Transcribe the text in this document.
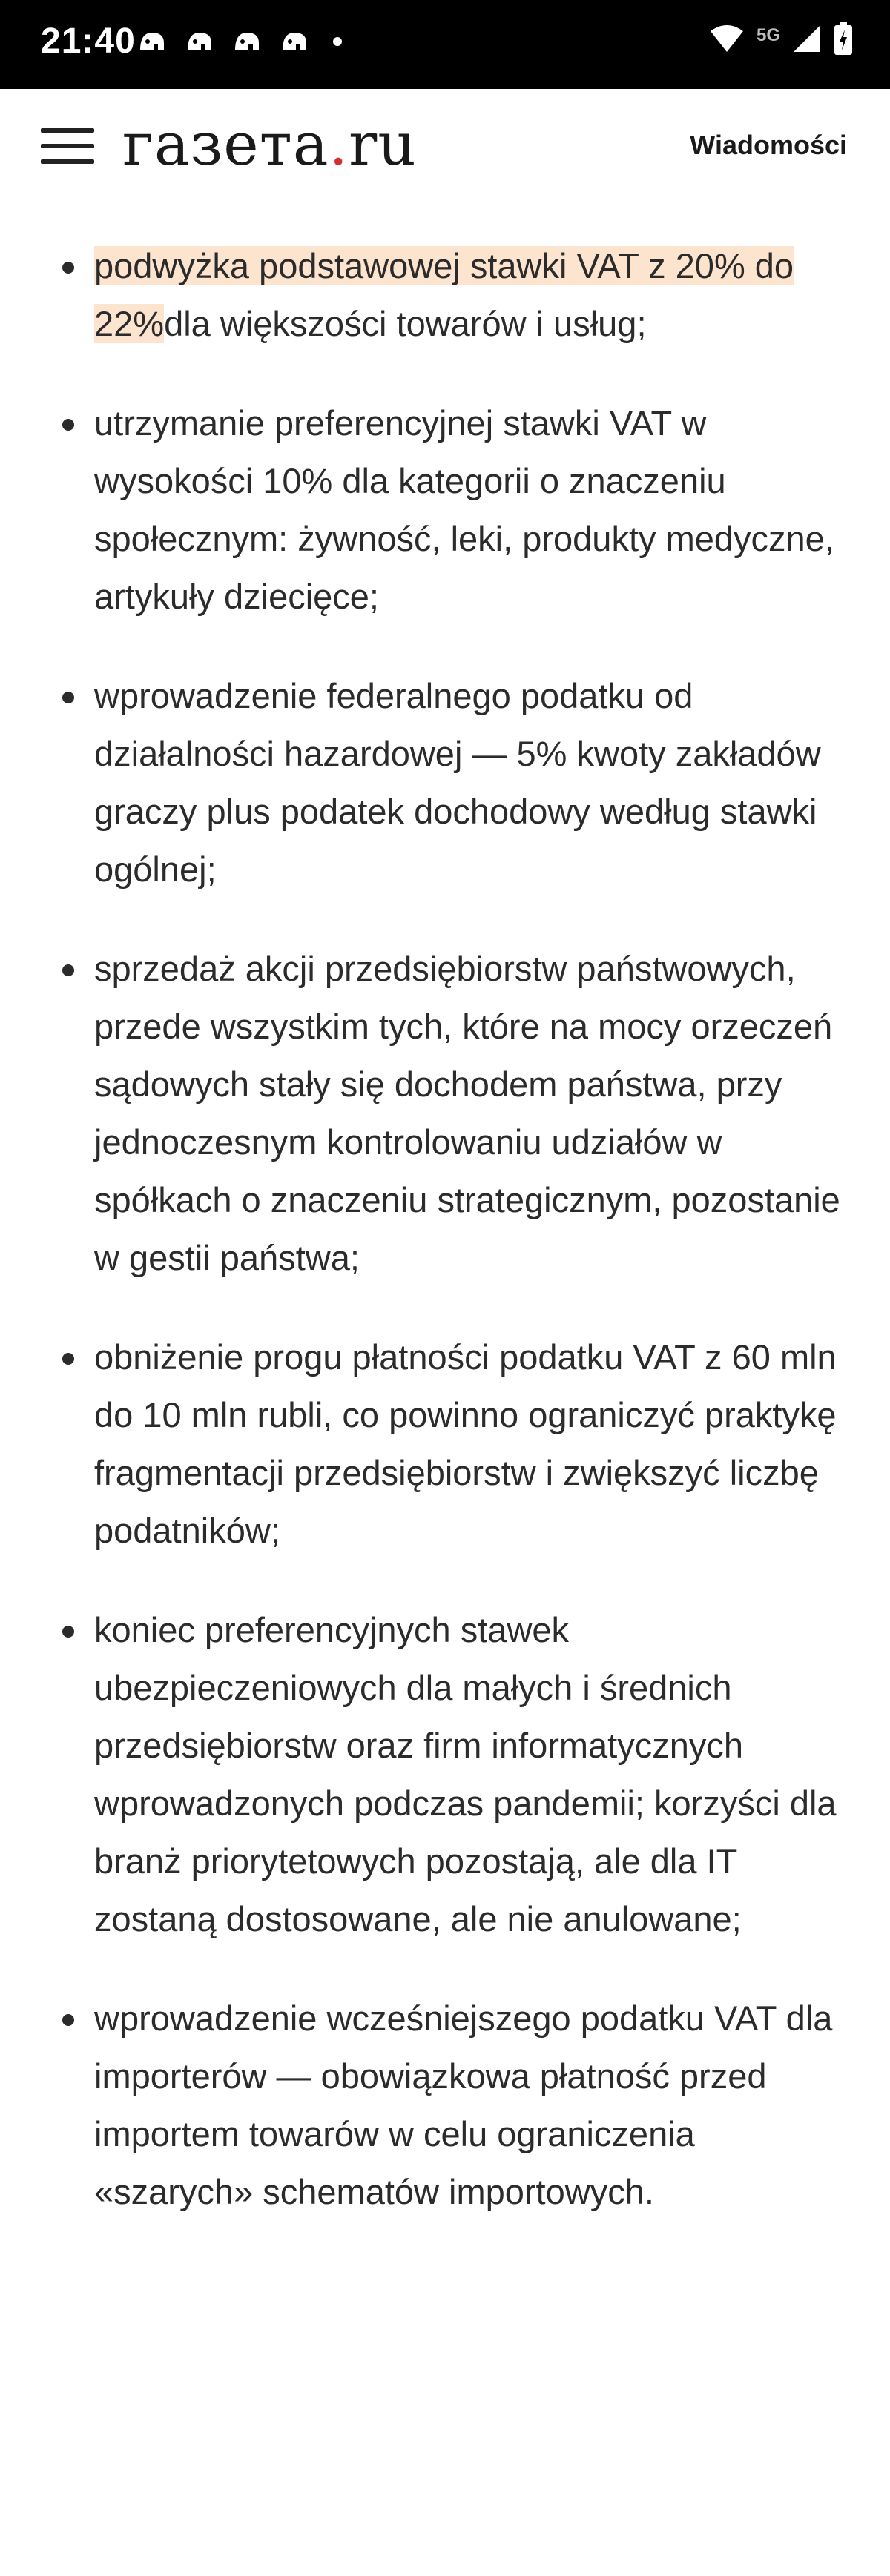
21:40	5G
газета.ru	Wiadomości
podwyżka podstawowej stawki VAT z 20% do 22%dla większości towarów i usług;
utrzymanie preferencyjnej stawki VAT w wysokości 10% dla kategorii o znaczeniu społecznym: żywność, leki, produkty medyczne, artykuły dziecięce;
wprowadzenie federalnego podatku od działalności hazardowej — 5% kwoty zakładów graczy plus podatek dochodowy według stawki ogólnej;
sprzedaż akcji przedsiębiorstw państwowych, przede wszystkim tych, które na mocy orzeczeń sądowych stały się dochodem państwa, przy jednoczesnym kontrolowaniu udziałów w spółkach o znaczeniu strategicznym, pozostanie w gestii państwa;
obniżenie progu płatności podatku VAT z 60 mln do 10 mln rubli, co powinno ograniczyć praktykę fragmentacji przedsiębiorstw i zwiększyć liczbę podatników;
koniec preferencyjnych stawek ubezpieczeniowych dla małych i średnich przedsiębiorstw oraz firm informatycznych wprowadzonych podczas pandemii; korzyści dla branż priorytetowych pozostają, ale dla IT zostaną dostosowane, ale nie anulowane;
wprowadzenie wcześniejszego podatku VAT dla importerów — obowiązkowa płatność przed importem towarów w celu ograniczenia «szarych» schematów importowych.
